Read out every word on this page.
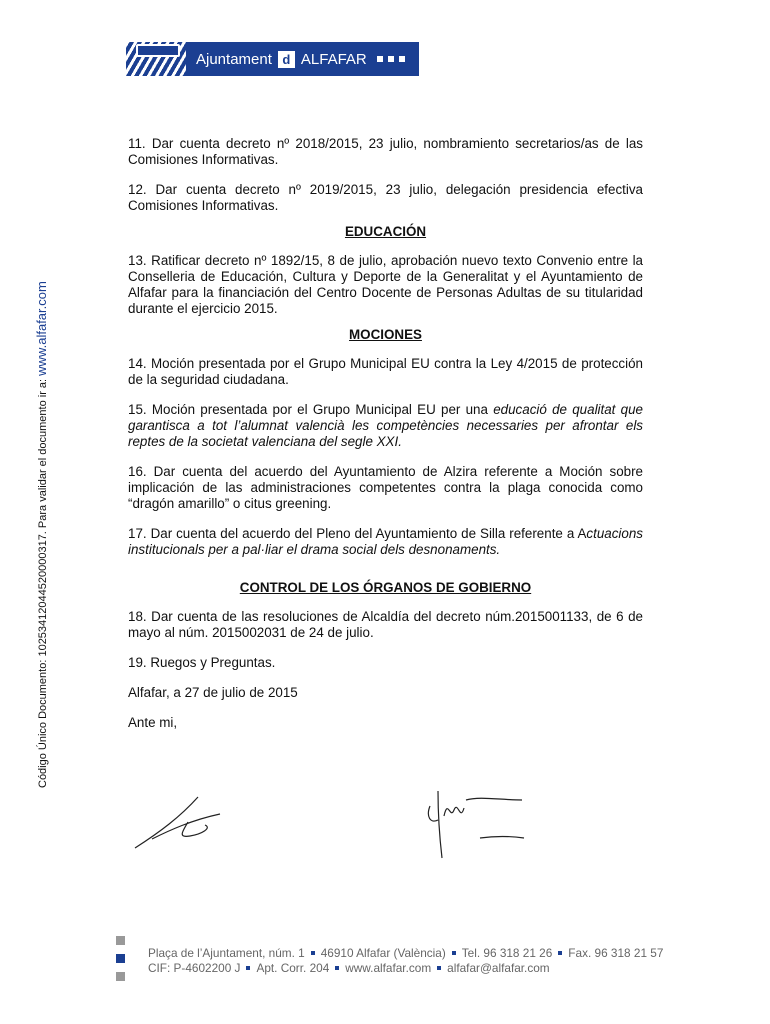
Ajuntament d ALFAFAR
Código Único Documento: 10253412044520000317. Para validar el documento ir a: www.alfafar.com

11. Dar cuenta decreto nº 2018/2015, 23 julio, nombramiento secretarios/as de las Comisiones Informativas.

12. Dar cuenta decreto nº 2019/2015, 23 julio, delegación presidencia efectiva Comisiones Informativas.

EDUCACIÓN

13. Ratificar decreto nº 1892/15, 8 de julio, aprobación nuevo texto Convenio entre la Conselleria de Educación, Cultura y Deporte de la Generalitat y el Ayuntamiento de Alfafar para la financiación del Centro Docente de Personas Adultas de su titularidad durante el ejercicio 2015.

MOCIONES

14. Moción presentada por el Grupo Municipal EU contra la Ley 4/2015 de protección de la seguridad ciudadana.

15. Moción presentada por el Grupo Municipal EU per una educació de qualitat que garantisca a tot l’alumnat valencià les competències necessaries per afrontar els reptes de la societat valenciana del segle XXI.

16. Dar cuenta del acuerdo del Ayuntamiento de Alzira referente a Moción sobre implicación de las administraciones competentes contra la plaga conocida como “dragón amarillo” o citus greening.

17. Dar cuenta del acuerdo del Pleno del Ayuntamiento de Silla referente a Actuacions institucionals per a pal·liar el drama social dels desnonaments.

CONTROL DE LOS ÓRGANOS DE GOBIERNO

18. Dar cuenta de las resoluciones de Alcaldía del decreto núm.2015001133, de 6 de mayo al núm. 2015002031 de 24 de julio.

19. Ruegos y Preguntas.

Alfafar, a 27 de julio de 2015

Ante mi,

Plaça de l’Ajuntament, núm. 1 46910 Alfafar (València) Tel. 96 318 21 26 Fax. 96 318 21 57
CIF: P-4602200 J Apt. Corr. 204 www.alfafar.com alfafar@alfafar.com
